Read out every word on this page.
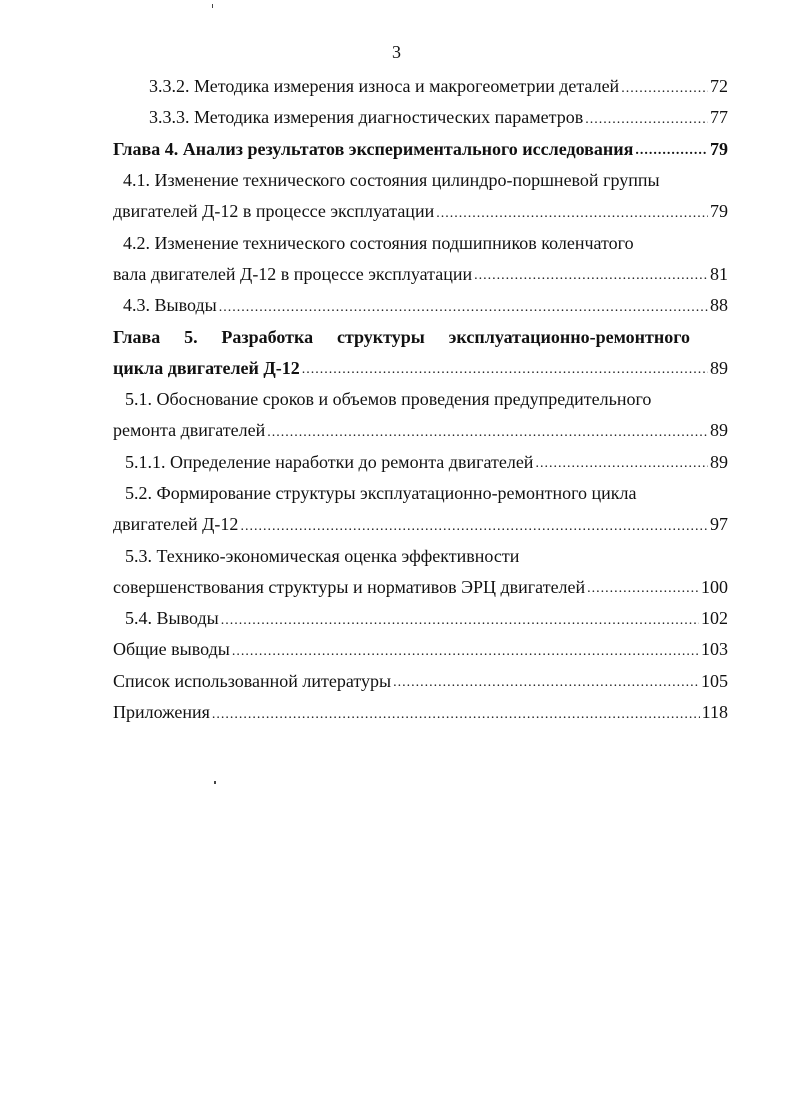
3
3.3.2. Методика измерения износа и макрогеометрии деталей .....	72
3.3.3. Методика измерения диагностических параметров .....	77
Глава 4. Анализ результатов экспериментального исследования .....	79
4.1. Изменение технического состояния цилиндро-поршневой группы
двигателей Д-12 в процессе эксплуатации .....	79
4.2. Изменение технического состояния подшипников коленчатого
вала двигателей Д-12 в процессе эксплуатации .....	81
4.3. Выводы .....	88
Глава 5. Разработка структуры эксплуатационно-ремонтного
цикла двигателей Д-12 .....	89
5.1. Обоснование сроков и объемов проведения предупредительного
ремонта двигателей .....	89
5.1.1. Определение наработки до ремонта двигателей .....	89
5.2. Формирование структуры эксплуатационно-ремонтного цикла
двигателей Д-12 .....	97
5.3. Технико-экономическая оценка эффективности
совершенствования структуры и нормативов ЭРЦ двигателей .....	100
5.4. Выводы .....	102
Общие выводы .....	103
Список использованной литературы .....	105
Приложения .....	118
